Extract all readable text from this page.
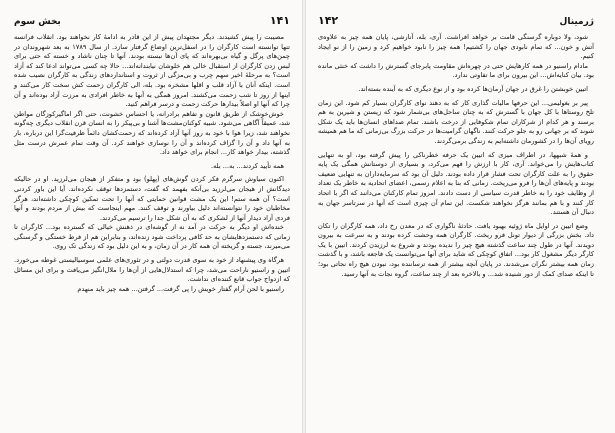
۱۴۱
بخش سوم

مصیبت را پیش کشیدند. دیگر مجتهدان پیش از این قادر به ادامهٔ کار نخواهند بود. انقلاب فرانسه تنها توانسته است کارگران را در اسفل‌ترین اوضاع گرفتار سازد. از سال ۱۷۸۹ به بعد شهروندان در چمن‌های پرگل و گیاه بی‌بهره‌اند که پای آن‌ها نبسته بودند. آنها تا چنان ناشاد و خسته که حتی برای لبس زدن کارگران از استقبال خالی هم خلوشان نیابندانه‌اند... حالا چه کسی می‌تواند ادعا کند که آزاد است؟ به مرحلهٔ اخیر سهم چرب و بی‌مزگی از ثروت و استانداردهای زندگی به کارگران نصیب شده است. اینکه آنان با آزاد قلب و اقلها مشخره بود. بله، الی کارگران زحمت کش سخت کار می‌کنند و اینها از روز تا شب زحمت می‌کشند. امروز همگی به آنها به خاطر افرادی به مرزت آزاد بوده‌اند و آن چرا که آنها او اصلاً بیدارها حرکت زحمت و درسر فراهم کنید.

خوش‌خوشک از طریق قانون و تفاهم برادرانه، یا احساس خشونت، حتی اگر اماگیرکوزگان مواطن شد، عمیقاً آگاهی می‌شود. شبیه کوکنان‌مشت‌ها آشنا و بی‌پیکر را به انسان قرن انقلاب دیگری چه‌گونه نخواهند شد، زیرا هوا با خود به روز آنها آزاد کرده‌اند که زحمت‌کشان دائماً ظرفیت‌گرا این درباره، بار به آنها داد و آن را گزاف کرده‌اند و آن را نوسازی خواهند کرد. آن وقت تمام عمرش درست مثل گذشته، بیدار خواهد کار... انجام برای خواهد داد.

همه تأیید کردند... به... بله.

اکنون سیاوش سرگرم فکر کردن گوش‌های (پهلو) بود و متفکر از هیجان می‌لرزید. او در حالیکه دیدگانش از هیجان می‌لرزید بی‌آنکه بفهمد که گفت، دستمزدها توقف نکرده‌اند. آیا این باور کردنی است؟ آن همه ستم! این یک مشت قوانین حمایتی که آنها را تحت تمکین کوچکی داشته‌اند، هرگز مخاطبان خود را نتوانسته‌اند دلیل بیاورند و توقف کنند. مهم اینجاست که بیش از مردم بودند و آنها فردی آزاد دیدار آنها از لشکری که به آن شکل جدا را ترسیم می‌کردند.

خنده‌اش او دیگر به حرکت در آمد نه از گوشه‌ای در ذهنش خیالی که گسترده بود... کارگران تا زمانی که دستمزدهایشان به حد کافی پرداخت شود زنده‌اند، و بنابراین هم از فرط خستگی و گرسنگی می‌میرند، جسته و گریخته آن همه کار در آن زمان، و به این دلیل بود که زندگی تک روی.

هرگاه وی پیشنهاد از خود به سوی قدرت دولتی و در تئوری‌های علمی سوسیالیستی غوطه می‌خورد. اتیین و راسنیو ناراحت می‌شد، چرا که استدلال‌هایی از آن‌ها را ملال‌انگیز می‌یافت و برای این مسائل که ازدواج جواب قانع کننده‌ای نداشت.

راسنیو با لحن آرام گفتار خویش را پی گرفت... گرفتن... همه چیز باید منهدم

ژرمینال
۱۴۲

شود، ولا دوباره گرسنگی قامت بر خواهد افراشت. آری، بله، آنارشی، پایان همه چیز به علاوه‌ی آتش و خون... که تمام نابودی جهان را کشتیم! همه چیز را نابود خواهیم کرد و زمین را از نو ایجاد کنیم.

مادام راسنیو در همه کارهایش حتی در چهره‌اش مقاومت پابرجای گسترش را داشت که خنثی مانده بود. بیان کنایه‌اش... این بیرون برای ما تفاوتی ندارد.

اتیین خوبشتن را غرق در جهان آرمان‌ها کرده بود و از نوع دیگری که به آینده بسته‌اند.

پیر بر بغولیمی... این حرفها مالیات گذاری کار که به دهند نوای کارگران بسیار کم شود. این زمان تلخ روستاها با کل جهان با گسترش که به چنان ساحل‌های بی‌شمار شود که زیستن و شیرین به هم برسند و هر کدام از شرکاران تمام شکوفایی از درخت باشند. تمام صداهای انسان‌ها باید یک شکل شوند که بر جهانی رو به جلو حرکت کنند. ناگهان گرامیت‌ها در حرکت بزرگ بی‌زمانی که ما هم همیشه رویای آن‌ها را در کشورمان داشته‌ایم به زندگی برمی‌گردند.

و همهٔ شبهها، در اطراف میزی که اتیین یک حرفه خطرناکی را پیش گرفته بود، او به تنهایی کتاب‌هایش را می‌خواند. آری، کار با ارزش را فهم می‌کرد، و بسیاری از دوستانش همگی یک پایه حقوق را به علت کارگران تحت فشار قرار داده بودند. دلیل آن بود که سرمایه‌داران به تنهایی ضعیف بودند و پایه‌های آن‌ها را فرو می‌ریخت. زمانی که بنا به اعلام رسمی، اعضای اتحادیه به خاطر یک تعداد از وظایف خود را به خاطر قدرت سیاسی از دست دادند. امروز تمام کارکنان می‌دانند که اگر با اتحاد کار کنند و با هم بمانند هرگز نخواهند شکست. این تمام آن چیزی است که آنها در سرتاسر جهان به دنبال آن هستند.

وضع اتیین در اوایل ماه ژوئیه بهبود یافت. حادثهٔ ناگواری که در معدن رخ داد، همه کارگران را تکان داد. بخش بزرگی از دیوار تونل فرو ریخت. کارگران همه وحشت کرده بودند و به سرعت به بیرون دویدند. آنها در طول چند ساعت گذشته هیچ چیز را ندیده بودند و شروع به لرزیدن کردند. اتیین با یک کارگر دیگر مشغول کار بود... اتفاق کوچکی که شاید برای آنها می‌توانست یک فاجعه باشد، و با گذشت زمان همه بیشتر نگران می‌شدند. در پایان آنچه بیشتر از همه ترساننده بود، نبودن هیچ راه نجاتی بود؛ تا اینکه صدای کمک از دور شنیده شد... و بالاخره بعد از چند ساعت، گروه نجات به آنها رسید.
